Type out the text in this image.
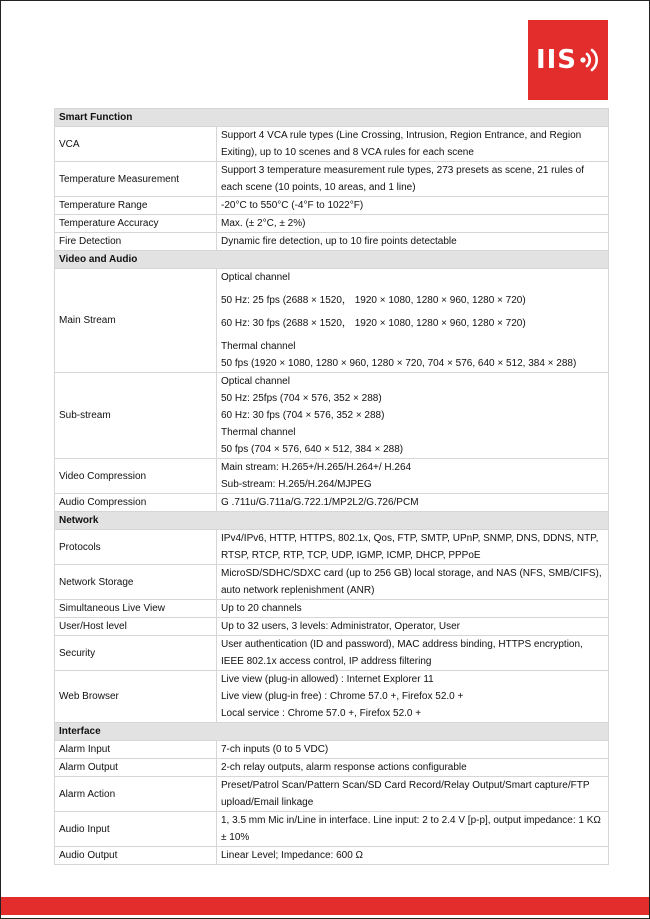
IIS
Smart Function	
VCA	Support 4 VCA rule types (Line Crossing, Intrusion, Region Entrance, and Region Exiting), up to 10 scenes and 8 VCA rules for each scene

Temperature Measurement	Support 3 temperature measurement rule types, 273 presets as scene, 21 rules of each scene (10 points, 10 areas, and 1 line)

Temperature Range	-20°C to 550°C (-4°F to 1022°F)

Temperature Accuracy	Max. (± 2°C, ± 2%)

Fire Detection	Dynamic fire detection, up to 10 fire points detectable

Video and Audio	
Main Stream	Optical channel
50 Hz: 25 fps (2688 × 1520， 1920 × 1080, 1280 × 960, 1280 × 720)
60 Hz: 30 fps (2688 × 1520， 1920 × 1080, 1280 × 960, 1280 × 720)
Thermal channel
50 fps (1920 × 1080, 1280 × 960, 1280 × 720, 704 × 576, 640 × 512, 384 × 288)

Sub-stream	Optical channel
50 Hz: 25fps (704 × 576, 352 × 288)
60 Hz: 30 fps (704 × 576, 352 × 288)
Thermal channel
50 fps (704 × 576, 640 × 512, 384 × 288)

Video Compression	Main stream: H.265+/H.265/H.264+/ H.264
Sub-stream: H.265/H.264/MJPEG

Audio Compression	G .711u/G.711a/G.722.1/MP2L2/G.726/PCM

Network	
Protocols	IPv4/IPv6, HTTP, HTTPS, 802.1x, Qos, FTP, SMTP, UPnP, SNMP, DNS, DDNS, NTP, RTSP, RTCP, RTP, TCP, UDP, IGMP, ICMP, DHCP, PPPoE

Network Storage	MicroSD/SDHC/SDXC card (up to 256 GB) local storage, and NAS (NFS, SMB/CIFS), auto network replenishment (ANR)

Simultaneous Live View	Up to 20 channels

User/Host level	Up to 32 users, 3 levels: Administrator, Operator, User

Security	User authentication (ID and password), MAC address binding, HTTPS encryption, IEEE 802.1x access control, IP address filtering

Web Browser	Live view (plug-in allowed) : Internet Explorer 11
Live view (plug-in free) : Chrome 57.0 +, Firefox 52.0 +
Local service : Chrome 57.0 +, Firefox 52.0 +

Interface	
Alarm Input	7-ch inputs (0 to 5 VDC)

Alarm Output	2-ch relay outputs, alarm response actions configurable

Alarm Action	Preset/Patrol Scan/Pattern Scan/SD Card Record/Relay Output/Smart capture/FTP upload/Email linkage

Audio Input	1, 3.5 mm Mic in/Line in interface. Line input: 2 to 2.4 V [p-p], output impedance: 1 KΩ ± 10%

Audio Output	Linear Level; Impedance: 600 Ω
